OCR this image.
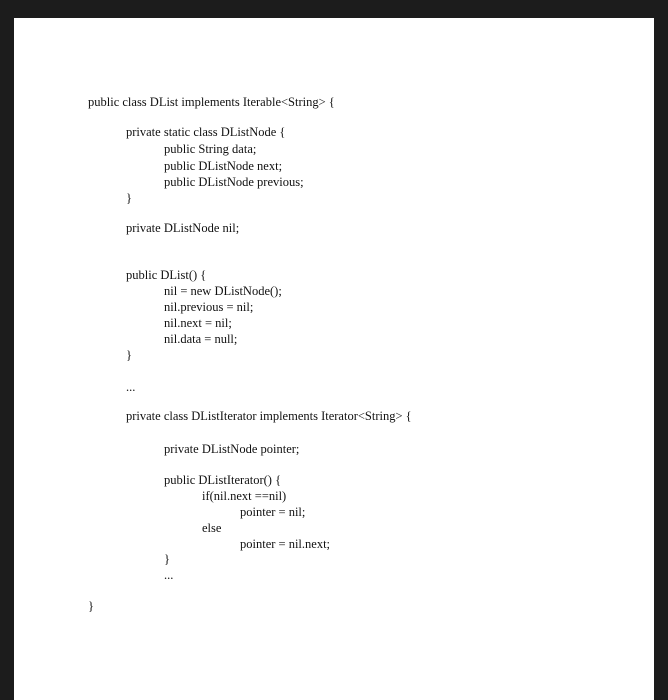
public class DList implements Iterable<String> {
private static class DListNode {
public String data;
public DListNode next;
public DListNode previous;
}
private DListNode nil;
public DList() {
nil = new DListNode();
nil.previous = nil;
nil.next = nil;
nil.data = null;
}
...
private class DListIterator implements Iterator<String> {
private DListNode pointer;
public DListIterator() {
if(nil.next ==nil)
pointer = nil;
else
pointer = nil.next;
}
...
}
